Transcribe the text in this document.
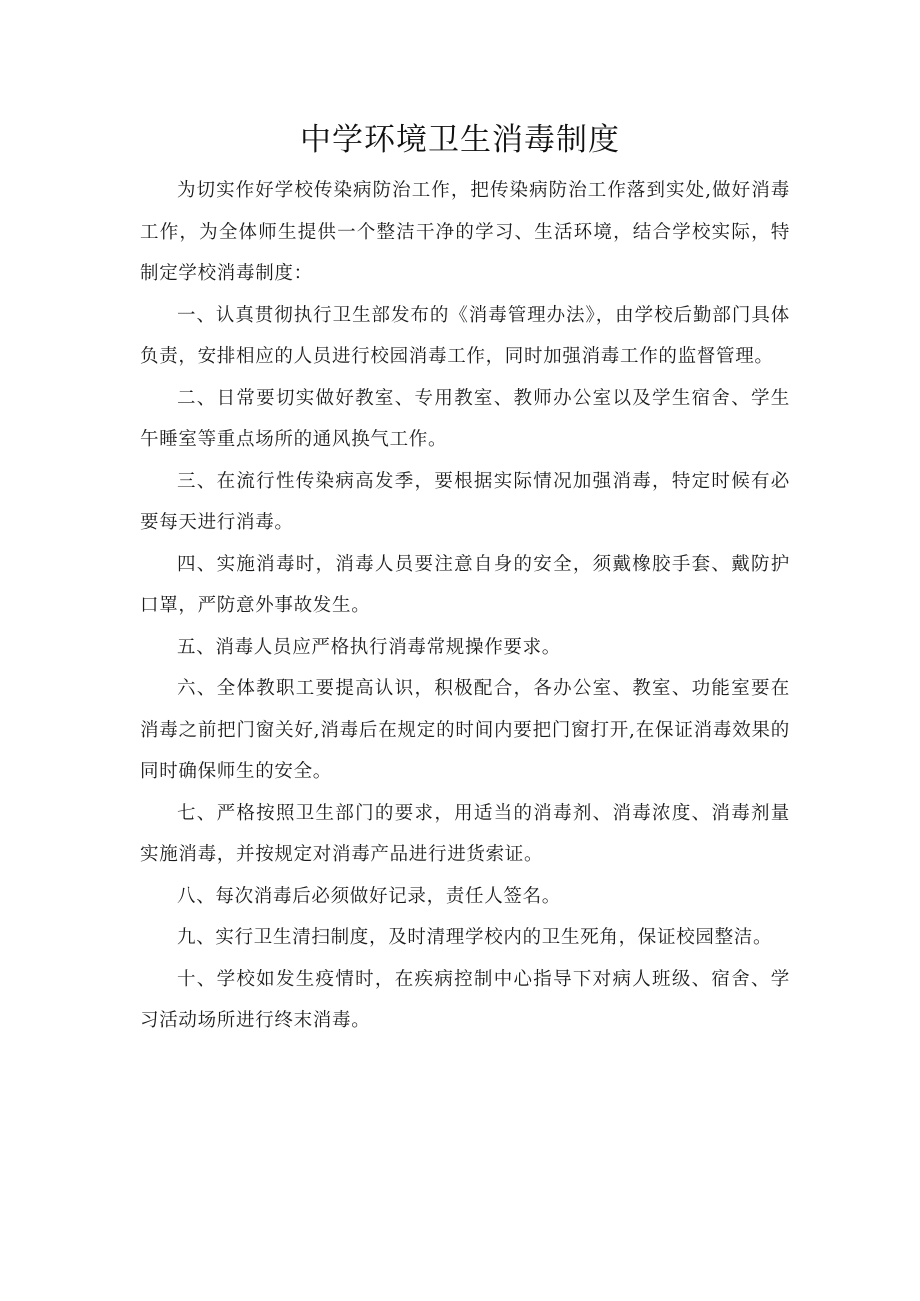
中学环境卫生消毒制度

为切实作好学校传染病防治工作，把传染病防治工作落到实处,做好消毒工作，为全体师生提供一个整洁干净的学习、生活环境，结合学校实际，特制定学校消毒制度：

一、认真贯彻执行卫生部发布的《消毒管理办法》，由学校后勤部门具体负责，安排相应的人员进行校园消毒工作，同时加强消毒工作的监督管理。

二、日常要切实做好教室、专用教室、教师办公室以及学生宿舍、学生午睡室等重点场所的通风换气工作。

三、在流行性传染病高发季，要根据实际情况加强消毒，特定时候有必要每天进行消毒。

四、实施消毒时，消毒人员要注意自身的安全，须戴橡胶手套、戴防护口罩，严防意外事故发生。

五、消毒人员应严格执行消毒常规操作要求。

六、全体教职工要提高认识，积极配合，各办公室、教室、功能室要在消毒之前把门窗关好,消毒后在规定的时间内要把门窗打开,在保证消毒效果的同时确保师生的安全。

七、严格按照卫生部门的要求，用适当的消毒剂、消毒浓度、消毒剂量实施消毒，并按规定对消毒产品进行进货索证。

八、每次消毒后必须做好记录，责任人签名。

九、实行卫生清扫制度，及时清理学校内的卫生死角，保证校园整洁。

十、学校如发生疫情时，在疾病控制中心指导下对病人班级、宿舍、学习活动场所进行终末消毒。
